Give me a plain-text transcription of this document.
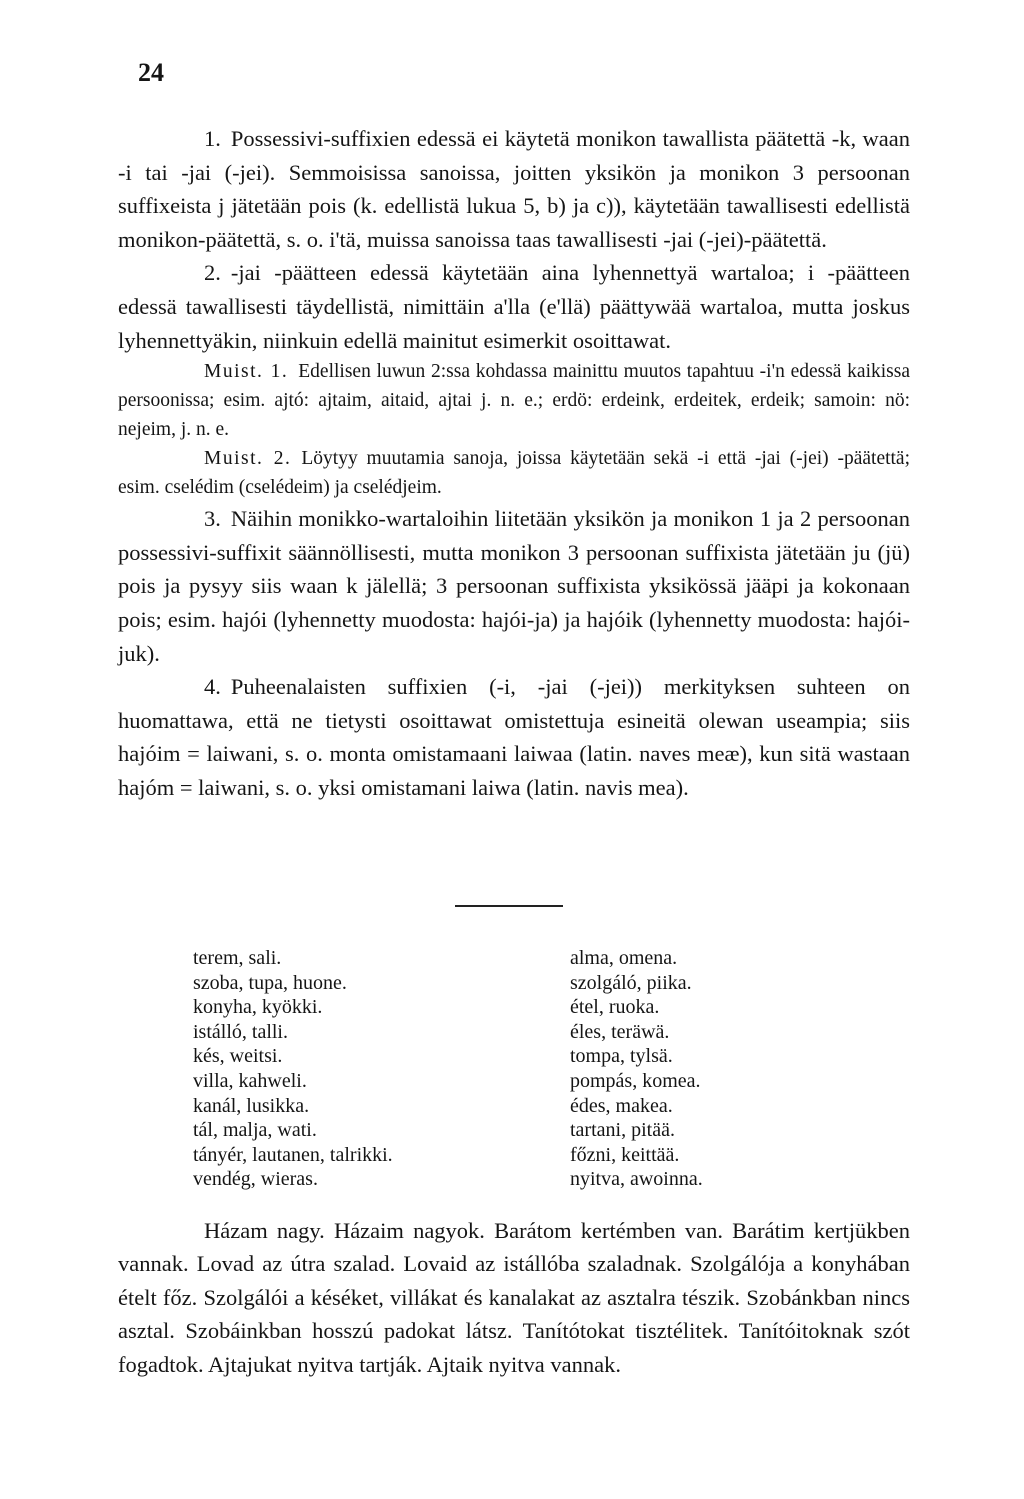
24

1. Possessivi-suffixien edessä ei käytetä monikon tawallista päätettä -k, waan -i tai -jai (-jei). Semmoisissa sanoissa, joitten yksikön ja monikon 3 persoonan suffixeista j jätetään pois (k. edellistä lukua 5, b) ja c)), käytetään tawallisesti edellistä monikon-päätettä, s. o. i'tä, muissa sanoissa taas tawallisesti -jai (-jei)-päätettä.

2. -jai -päätteen edessä käytetään aina lyhennettyä wartaloa; i -päätteen edessä tawallisesti täydellistä, nimittäin a'lla (e'llä) päättywää wartaloa, mutta joskus lyhennettyäkin, niinkuin edellä mainitut esimerkit osoittawat.

Muist. 1. Edellisen luwun 2:ssa kohdassa mainittu muutos tapahtuu -i'n edessä kaikissa persoonissa; esim. ajtó: ajtaim, aitaid, ajtai j. n. e.; erdö: erdeink, erdeitek, erdeik; samoin: nö: nejeim, j. n. e.

Muist. 2. Löytyy muutamia sanoja, joissa käytetään sekä -i että -jai (-jei) -päätettä; esim. cselédim (cselédeim) ja cselédjeim.

3. Näihin monikko-wartaloihin liitetään yksikön ja monikon 1 ja 2 persoonan possessivi-suffixit säännöllisesti, mutta monikon 3 persoonan suffixista jätetään ju (jü) pois ja pysyy siis waan k jälellä; 3 persoonan suffixista yksikössä jääpi ja kokonaan pois; esim. hajói (lyhennetty muodosta: hajói-ja) ja hajóik (lyhennetty muodosta: hajói-juk).

4. Puheenalaisten suffixien (-i, -jai (-jei)) merkityksen suhteen on huomattawa, että ne tietysti osoittawat omistettuja esineitä olewan useampia; siis hajóim = laiwani, s. o. monta omistamaani laiwaa (latin. naves meæ), kun sitä wastaan hajóm = laiwani, s. o. yksi omistamani laiwa (latin. navis mea).

terem, sali.
szoba, tupa, huone.
konyha, kyökki.
istálló, talli.
kés, weitsi.
villa, kahweli.
kanál, lusikka.
tál, malja, wati.
tányér, lautanen, talrikki.
vendég, wieras.
alma, omena.
szolgáló, piika.
étel, ruoka.
éles, teräwä.
tompa, tylsä.
pompás, komea.
édes, makea.
tartani, pitää.
főzni, keittää.
nyitva, awoinna.

Házam nagy. Házaim nagyok. Barátom kertémben van. Barátim kertjükben vannak. Lovad az útra szalad. Lovaid az istállóba szaladnak. Szolgálója a konyhában ételt főz. Szolgálói a késéket, villákat és kanalakat az asztalra tészik. Szobánkban nincs asztal. Szobáinkban hosszú padokat látsz. Tanítótokat tisztélitek. Tanítóitoknak szót fogadtok. Ajtajukat nyitva tartják. Ajtaik nyitva vannak.
